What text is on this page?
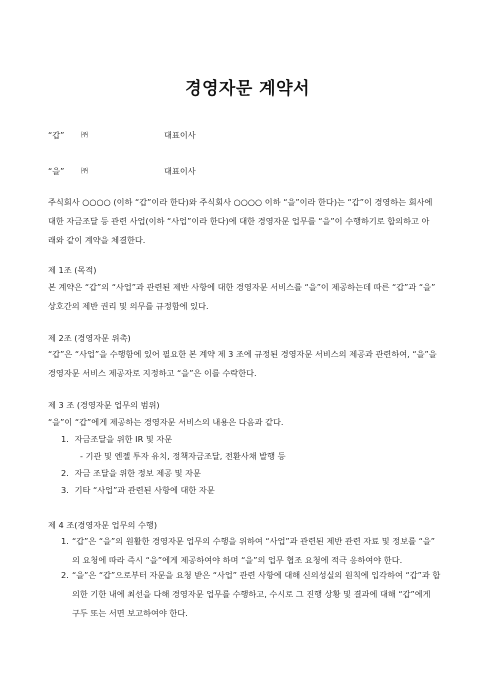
경영자문 계약서
“갑” ㈜	대표이사
“을” ㈜	대표이사

주식회사 ○○○○ (이하 “갑”이라 한다)와 주식회사 ○○○○ 이하 “을”이라 한다)는 “갑”이 경영하는 회사에

대한 자금조달 등 관련 사업(이하 “사업”이라 한다)에 대한 경영자문 업무를 “을”이 수행하기로 합의하고 아

래와 같이 계약을 체결한다.

제 1조 (목적)

본 계약은 “갑”의 “사업”과 관련된 제반 사항에 대한 경영자문 서비스를 “을”이 제공하는데 따른 “갑”과 “을”

상호간의 제반 권리 및 의무를 규정함에 있다.

제 2조 (경영자문 위촉)

“갑”은 “사업”을 수행함에 있어 필요한 본 계약 제 3 조에 규정된 경영자문 서비스의 제공과 관련하여, “을”을

경영자문 서비스 제공자로 지정하고 “을”은 이를 수락한다.

제 3 조 (경영자문 업무의 범위)
“을”이 “갑”에게 제공하는 경영자문 서비스의 내용은 다음과 같다.
1. 자금조달을 위한 IR 및 자문
- 기관 및 엔젤 투자 유치, 정책자금조달, 전환사채 발행 등
2. 자금 조달을 위한 정보 제공 및 자문
3. 기타 “사업”과 관련된 사항에 대한 자문
제 4 조(경영자문 업무의 수행)
1. “갑”은 “을”의 원활한 경영자문 업무의 수행을 위하여 “사업”과 관련된 제반 관련 자료 및 정보를 “을”
의 요청에 따라 즉시 “을”에게 제공하여야 하며 “을”의 업무 협조 요청에 적극 응하여야 한다.
2. “을”은 “갑”으로부터 자문을 요청 받은 “사업” 관련 사항에 대해 신의성실의 원칙에 입각하여 “갑”과 합
의한 기한 내에 최선을 다해 경영자문 업무를 수행하고, 수시로 그 진행 상황 및 결과에 대해 “갑”에게
구두 또는 서면 보고하여야 한다.
